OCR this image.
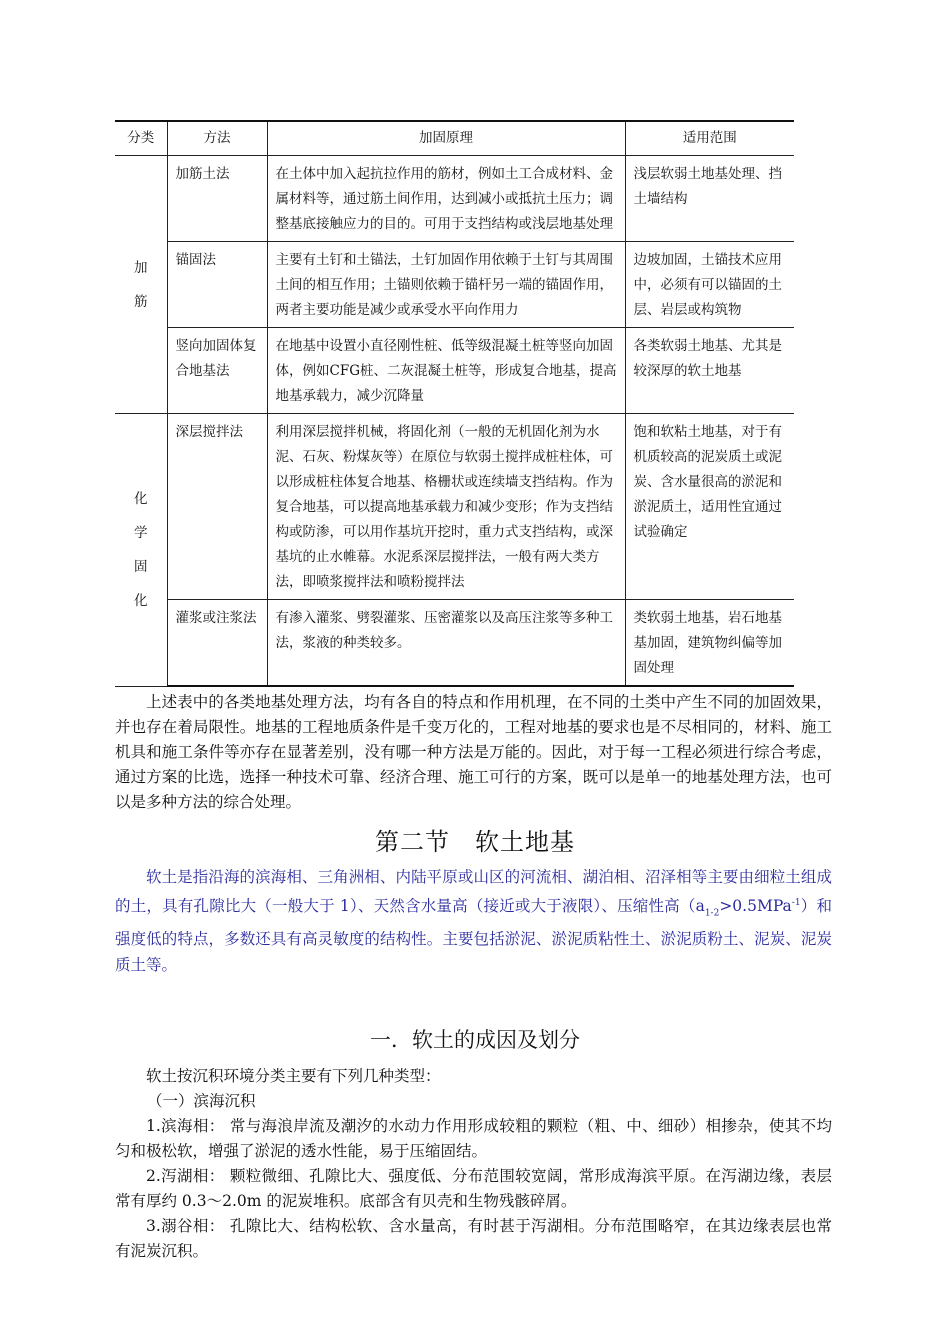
分类	方法	加固原理	适用范围

加
筋	加筋土法	在土体中加入起抗拉作用的筋材，例如土工合成材料、金属材料等，通过筋土间作用，达到减小或抵抗土压力；调整基底接触应力的目的。可用于支挡结构或浅层地基处理	浅层软弱土地基处理、挡土墙结构
	锚固法	主要有土钉和土锚法，土钉加固作用依赖于土钉与其周围土间的相互作用；土锚则依赖于锚杆另一端的锚固作用，两者主要功能是减少或承受水平向作用力	边坡加固，土锚技术应用中，必须有可以锚固的土层、岩层或构筑物
	竖向加固体复合地基法	在地基中设置小直径刚性桩、低等级混凝土桩等竖向加固体，例如CFG桩、二灰混凝土桩等，形成复合地基，提高地基承载力，减少沉降量	各类软弱土地基、尤其是较深厚的软土地基

化
学
固
化	深层搅拌法	利用深层搅拌机械，将固化剂（一般的无机固化剂为水泥、石灰、粉煤灰等）在原位与软弱土搅拌成桩柱体，可以形成桩柱体复合地基、格栅状或连续墙支挡结构。作为复合地基，可以提高地基承载力和减少变形；作为支挡结构或防渗，可以用作基坑开挖时，重力式支挡结构，或深基坑的止水帷幕。水泥系深层搅拌法，一般有两大类方法，即喷浆搅拌法和喷粉搅拌法	饱和软粘土地基，对于有机质较高的泥炭质土或泥炭、含水量很高的淤泥和淤泥质土，适用性宜通过试验确定
	灌浆或注浆法	有渗入灌浆、劈裂灌浆、压密灌浆以及高压注浆等多种工法，浆液的种类较多。	类软弱土地基，岩石地基基加固，建筑物纠偏等加固处理

上述表中的各类地基处理方法，均有各自的特点和作用机理，在不同的土类中产生不同的加固效果，并也存在着局限性。地基的工程地质条件是千变万化的，工程对地基的要求也是不尽相同的，材料、施工机具和施工条件等亦存在显著差别，没有哪一种方法是万能的。因此，对于每一工程必须进行综合考虑，通过方案的比选，选择一种技术可靠、经济合理、施工可行的方案，既可以是单一的地基处理方法，也可以是多种方法的综合处理。

第二节　软土地基

软土是指沿海的滨海相、三角洲相、内陆平原或山区的河流相、湖泊相、沼泽相等主要由细粒土组成的土，具有孔隙比大（一般大于 1）、天然含水量高（接近或大于液限）、压缩性高$(a_{1-2}>0.5MPa^{-1})$和强度低的特点，多数还具有高灵敏度的结构性。主要包括淤泥、淤泥质粘性土、淤泥质粉土、泥炭、泥炭质土等。

一．软土的成因及划分

软土按沉积环境分类主要有下列几种类型：

（一）滨海沉积

1.滨海相： 常与海浪岸流及潮汐的水动力作用形成较粗的颗粒（粗、中、细砂）相掺杂，使其不均匀和极松软，增强了淤泥的透水性能，易于压缩固结。

2.泻湖相： 颗粒微细、孔隙比大、强度低、分布范围较宽阔，常形成海滨平原。在泻湖边缘，表层常有厚约 0.3～2.0m 的泥炭堆积。底部含有贝壳和生物残骸碎屑。

3.溺谷相： 孔隙比大、结构松软、含水量高，有时甚于泻湖相。分布范围略窄，在其边缘表层也常有泥炭沉积。
